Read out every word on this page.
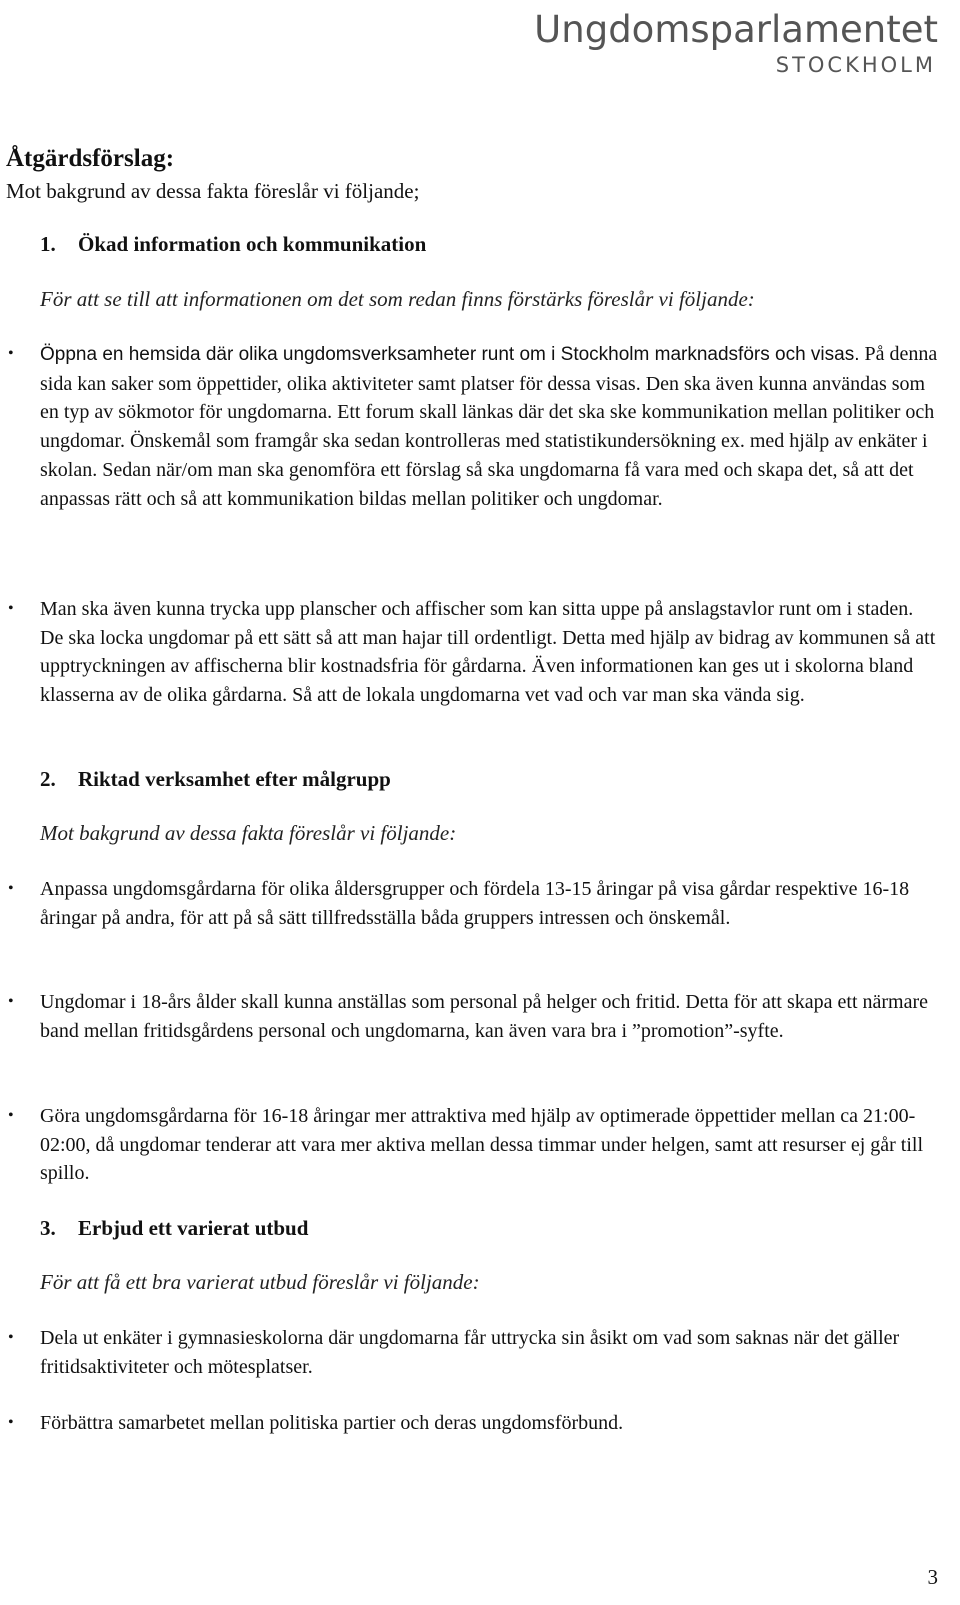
Ungdomsparlamentet
STOCKHOLM
Åtgärdsförslag:
Mot bakgrund av dessa fakta föreslår vi följande;
1. Ökad information och kommunikation
För att se till att informationen om det som redan finns förstärks föreslår vi följande:
• Öppna en hemsida där olika ungdomsverksamheter runt om i Stockholm marknadsförs och visas. På denna sida kan saker som öppettider, olika aktiviteter samt platser för dessa visas. Den ska även kunna användas som en typ av sökmotor för ungdomarna. Ett forum skall länkas där det ska ske kommunikation mellan politiker och ungdomar. Önskemål som framgår ska sedan kontrolleras med statistikundersökning ex. med hjälp av enkäter i skolan. Sedan när/om man ska genomföra ett förslag så ska ungdomarna få vara med och skapa det, så att det anpassas rätt och så att kommunikation bildas mellan politiker och ungdomar.
• Man ska även kunna trycka upp planscher och affischer som kan sitta uppe på anslagstavlor runt om i staden. De ska locka ungdomar på ett sätt så att man hajar till ordentligt. Detta med hjälp av bidrag av kommunen så att upptryckningen av affischerna blir kostnadsfria för gårdarna. Även informationen kan ges ut i skolorna bland klasserna av de olika gårdarna. Så att de lokala ungdomarna vet vad och var man ska vända sig.
2. Riktad verksamhet efter målgrupp
Mot bakgrund av dessa fakta föreslår vi följande:
• Anpassa ungdomsgårdarna för olika åldersgrupper och fördela 13-15 åringar på visa gårdar respektive 16-18 åringar på andra, för att på så sätt tillfredsställa båda gruppers intressen och önskemål.
• Ungdomar i 18-års ålder skall kunna anställas som personal på helger och fritid. Detta för att skapa ett närmare band mellan fritidsgårdens personal och ungdomarna, kan även vara bra i ”promotion”-syfte.
• Göra ungdomsgårdarna för 16-18 åringar mer attraktiva med hjälp av optimerade öppettider mellan ca 21:00-02:00, då ungdomar tenderar att vara mer aktiva mellan dessa timmar under helgen, samt att resurser ej går till spillo.
3. Erbjud ett varierat utbud
För att få ett bra varierat utbud föreslår vi följande:
• Dela ut enkäter i gymnasieskolorna där ungdomarna får uttrycka sin åsikt om vad som saknas när det gäller fritidsaktiviteter och mötesplatser.
• Förbättra samarbetet mellan politiska partier och deras ungdomsförbund.
3
